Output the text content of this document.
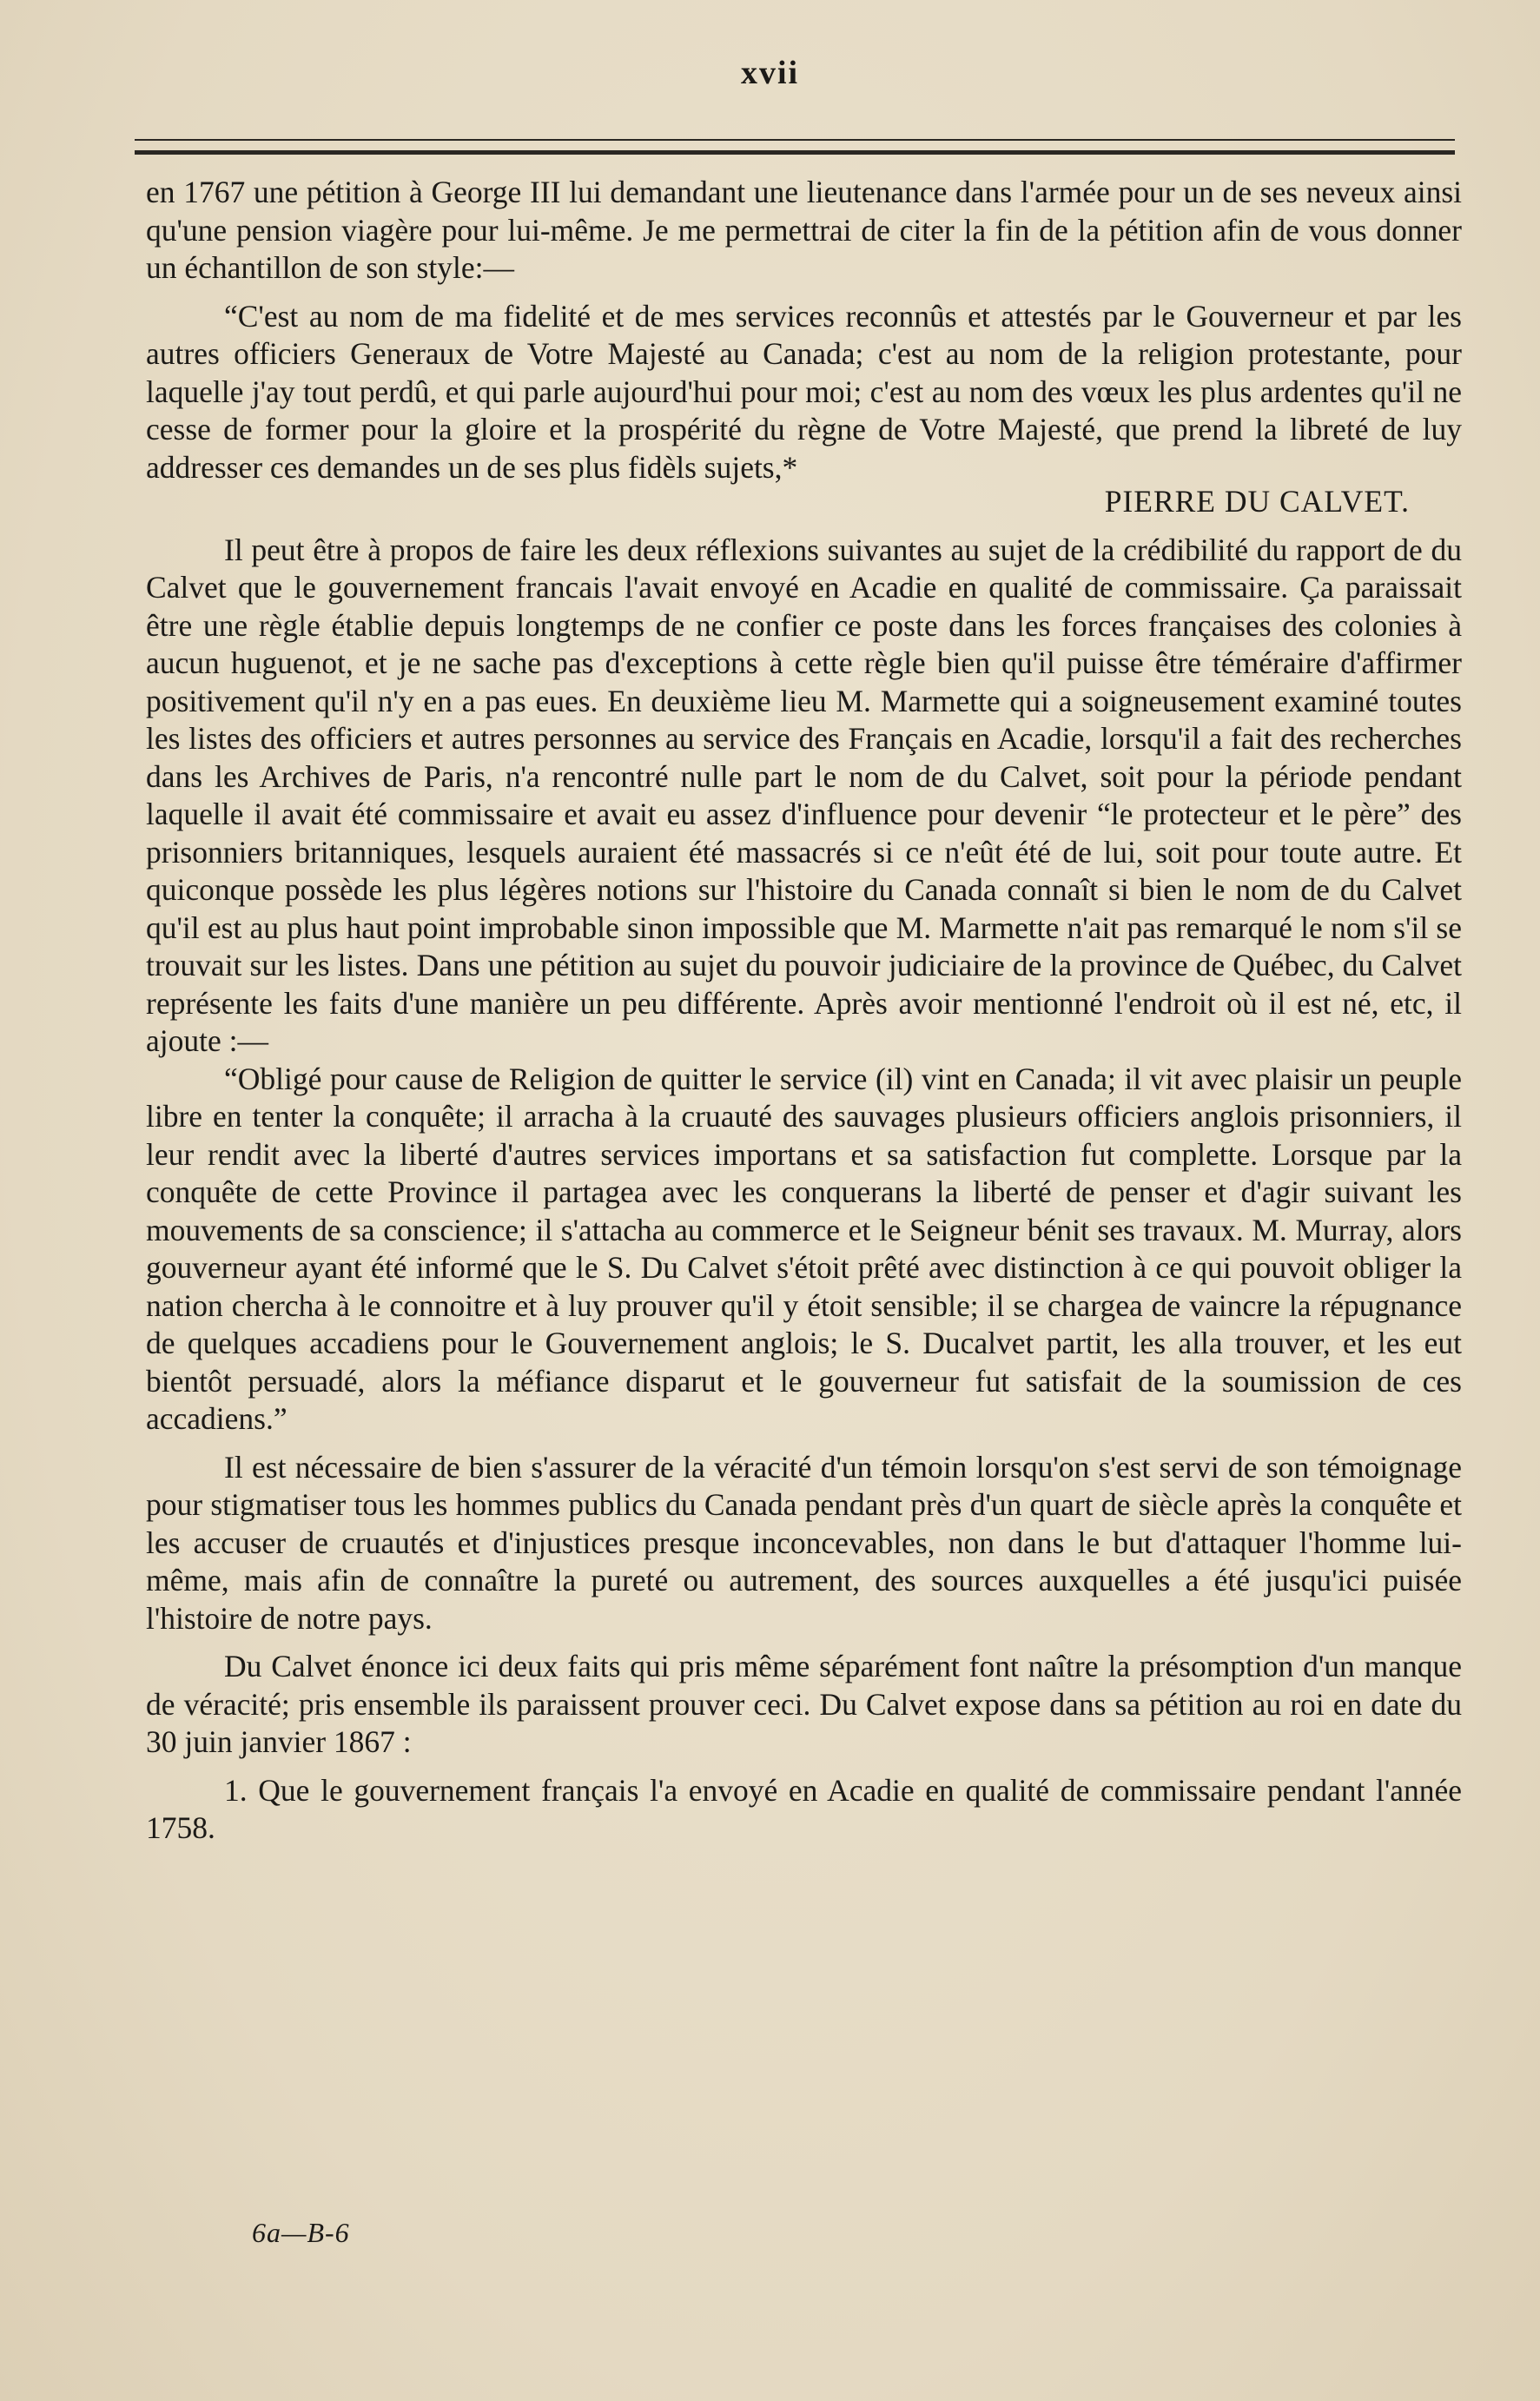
xvii

en 1767 une pétition à George III lui demandant une lieutenance dans l'armée pour un de ses neveux ainsi qu'une pension viagère pour lui-même. Je me permettrai de citer la fin de la pétition afin de vous donner un échantillon de son style:—

“C'est au nom de ma fidelité et de mes services reconnûs et attestés par le Gouverneur et par les autres officiers Generaux de Votre Majesté au Canada; c'est au nom de la religion protestante, pour laquelle j'ay tout perdû, et qui parle aujourd'hui pour moi; c'est au nom des vœux les plus ardentes qu'il ne cesse de former pour la gloire et la prospérité du règne de Votre Majesté, que prend la libreté de luy addresser ces demandes un de ses plus fidèls sujets,*

PIERRE DU CALVET.

Il peut être à propos de faire les deux réflexions suivantes au sujet de la crédibilité du rapport de du Calvet que le gouvernement francais l'avait envoyé en Acadie en qualité de commissaire. Ça paraissait être une règle établie depuis longtemps de ne confier ce poste dans les forces françaises des colonies à aucun huguenot, et je ne sache pas d'exceptions à cette règle bien qu'il puisse être téméraire d'affirmer positivement qu'il n'y en a pas eues. En deuxième lieu M. Marmette qui a soigneusement examiné toutes les listes des officiers et autres personnes au service des Français en Acadie, lorsqu'il a fait des recherches dans les Archives de Paris, n'a rencontré nulle part le nom de du Calvet, soit pour la période pendant laquelle il avait été commissaire et avait eu assez d'influence pour devenir “le protecteur et le père” des prisonniers britanniques, lesquels auraient été massacrés si ce n'eût été de lui, soit pour toute autre. Et quiconque possède les plus légères notions sur l'histoire du Canada connaît si bien le nom de du Calvet qu'il est au plus haut point improbable sinon impossible que M. Marmette n'ait pas remarqué le nom s'il se trouvait sur les listes. Dans une pétition au sujet du pouvoir judiciaire de la province de Québec, du Calvet représente les faits d'une manière un peu différente. Après avoir mentionné l'endroit où il est né, etc, il ajoute :—

“Obligé pour cause de Religion de quitter le service (il) vint en Canada; il vit avec plaisir un peuple libre en tenter la conquête; il arracha à la cruauté des sauvages plusieurs officiers anglois prisonniers, il leur rendit avec la liberté d'autres services importans et sa satisfaction fut complette. Lorsque par la conquête de cette Province il partagea avec les conquerans la liberté de penser et d'agir suivant les mouvements de sa conscience; il s'attacha au commerce et le Seigneur bénit ses travaux. M. Murray, alors gouverneur ayant été informé que le S. Du Calvet s'étoit prêté avec distinction à ce qui pouvoit obliger la nation chercha à le connoitre et à luy prouver qu'il y étoit sensible; il se chargea de vaincre la répugnance de quelques accadiens pour le Gouvernement anglois; le S. Ducalvet partit, les alla trouver, et les eut bientôt persuadé, alors la méfiance disparut et le gouverneur fut satisfait de la soumission de ces accadiens.”

Il est nécessaire de bien s'assurer de la véracité d'un témoin lorsqu'on s'est servi de son témoignage pour stigmatiser tous les hommes publics du Canada pendant près d'un quart de siècle après la conquête et les accuser de cruautés et d'injustices presque inconcevables, non dans le but d'attaquer l'homme lui-même, mais afin de connaître la pureté ou autrement, des sources auxquelles a été jusqu'ici puisée l'histoire de notre pays.

Du Calvet énonce ici deux faits qui pris même séparément font naître la présomption d'un manque de véracité; pris ensemble ils paraissent prouver ceci. Du Calvet expose dans sa pétition au roi en date du 30 juin janvier 1867 :

1. Que le gouvernement français l'a envoyé en Acadie en qualité de commissaire pendant l'année 1758.

6a—B-6
